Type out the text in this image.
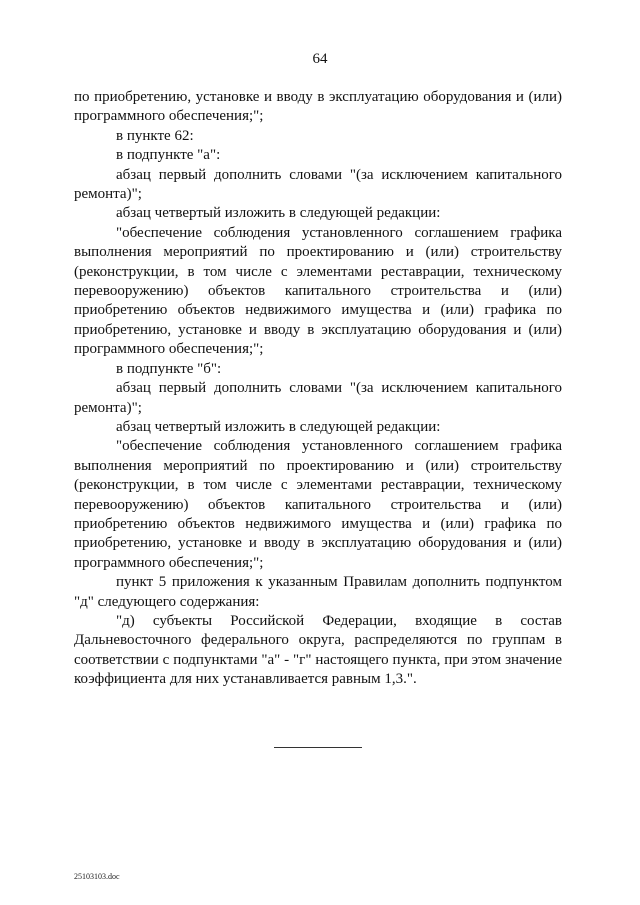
64

по приобретению, установке и вводу в эксплуатацию оборудования и (или) программного обеспечения;";

в пункте 62:

в подпункте "а":

абзац первый дополнить словами "(за исключением капитального ремонта)";

абзац четвертый изложить в следующей редакции:

"обеспечение соблюдения установленного соглашением графика выполнения мероприятий по проектированию и (или) строительству (реконструкции, в том числе с элементами реставрации, техническому перевооружению) объектов капитального строительства и (или) приобретению объектов недвижимого имущества и (или) графика по приобретению, установке и вводу в эксплуатацию оборудования и (или) программного обеспечения;";

в подпункте "б":

абзац первый дополнить словами "(за исключением капитального ремонта)";

абзац четвертый изложить в следующей редакции:

"обеспечение соблюдения установленного соглашением графика выполнения мероприятий по проектированию и (или) строительству (реконструкции, в том числе с элементами реставрации, техническому перевооружению) объектов капитального строительства и (или) приобретению объектов недвижимого имущества и (или) графика по приобретению, установке и вводу в эксплуатацию оборудования и (или) программного обеспечения;";

пункт 5 приложения к указанным Правилам дополнить подпунктом "д" следующего содержания:

"д) субъекты Российской Федерации, входящие в состав Дальневосточного федерального округа, распределяются по группам в соответствии с подпунктами "а" - "г" настоящего пункта, при этом значение коэффициента для них устанавливается равным 1,3.".

25103103.doc
